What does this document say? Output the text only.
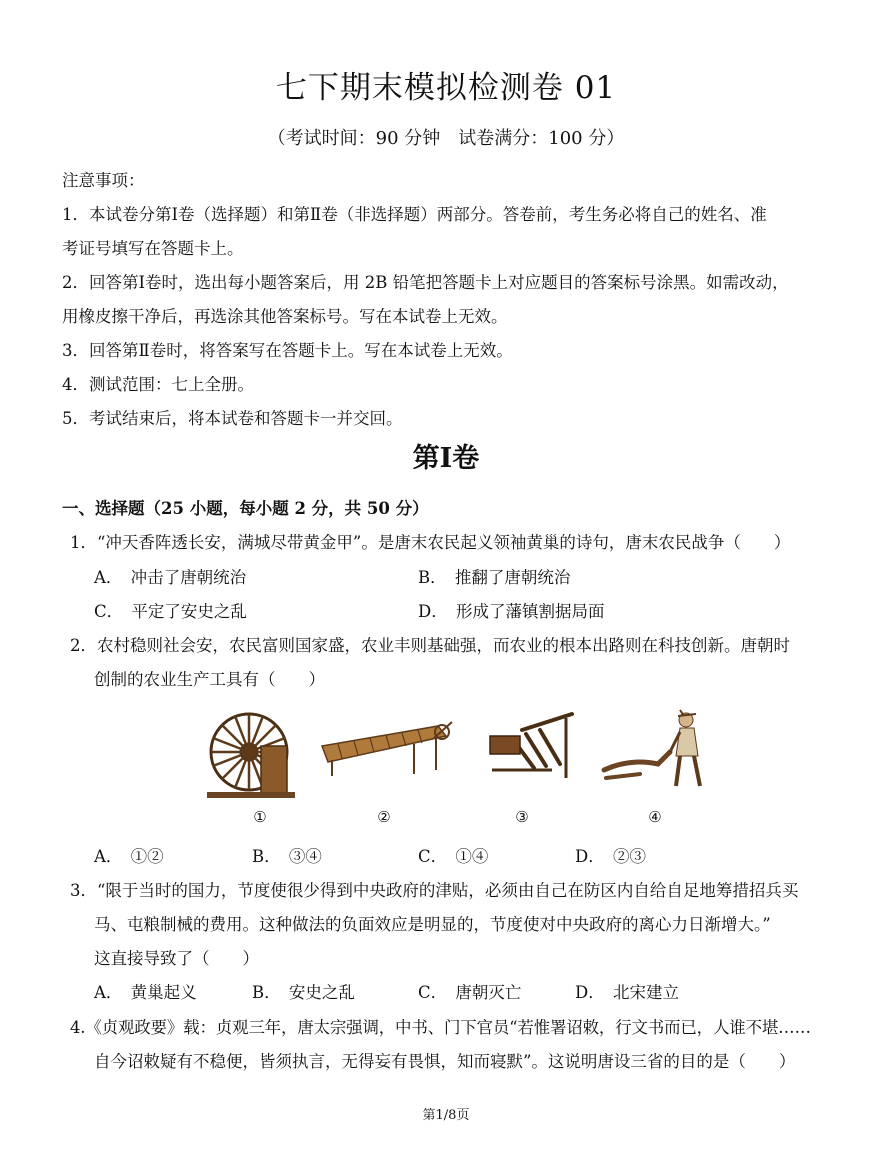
七下期末模拟检测卷 01
（考试时间：90 分钟　试卷满分：100 分）
注意事项：
1．本试卷分第Ⅰ卷（选择题）和第Ⅱ卷（非选择题）两部分。答卷前，考生务必将自己的姓名、准
考证号填写在答题卡上。
2．回答第Ⅰ卷时，选出每小题答案后，用 2B 铅笔把答题卡上对应题目的答案标号涂黑。如需改动，
用橡皮擦干净后，再选涂其他答案标号。写在本试卷上无效。
3．回答第Ⅱ卷时，将答案写在答题卡上。写在本试卷上无效。
4．测试范围：七上全册。
5．考试结束后，将本试卷和答题卡一并交回。
第Ⅰ卷
一、选择题（25 小题，每小题 2 分，共 50 分）
1．“冲天香阵透长安，满城尽带黄金甲”。是唐末农民起义领袖黄巢的诗句，唐末农民战争（　　）
A．　冲击了唐朝统治	B．　推翻了唐朝统治
C．　平定了安史之乱	D．　形成了藩镇割据局面
2．农村稳则社会安，农民富则国家盛，农业丰则基础强，而农业的根本出路则在科技创新。唐朝时
创制的农业生产工具有（　　）
①	②	③	④
A．　①②	B．　③④	C．　①④	D．　②③
3．“限于当时的国力，节度使很少得到中央政府的津贴，必须由自己在防区内自给自足地筹措招兵买
马、屯粮制械的费用。这种做法的负面效应是明显的，节度使对中央政府的离心力日渐增大。”
这直接导致了（　　）
A．　黄巢起义	B．　安史之乱	C．　唐朝灭亡	D．　北宋建立
4.《贞观政要》载：贞观三年，唐太宗强调，中书、门下官员“若惟署诏敕，行文书而已，人谁不堪……
自今诏敕疑有不稳便，皆须执言，无得妄有畏惧，知而寝默”。这说明唐设三省的目的是（　　）
第1/8页
